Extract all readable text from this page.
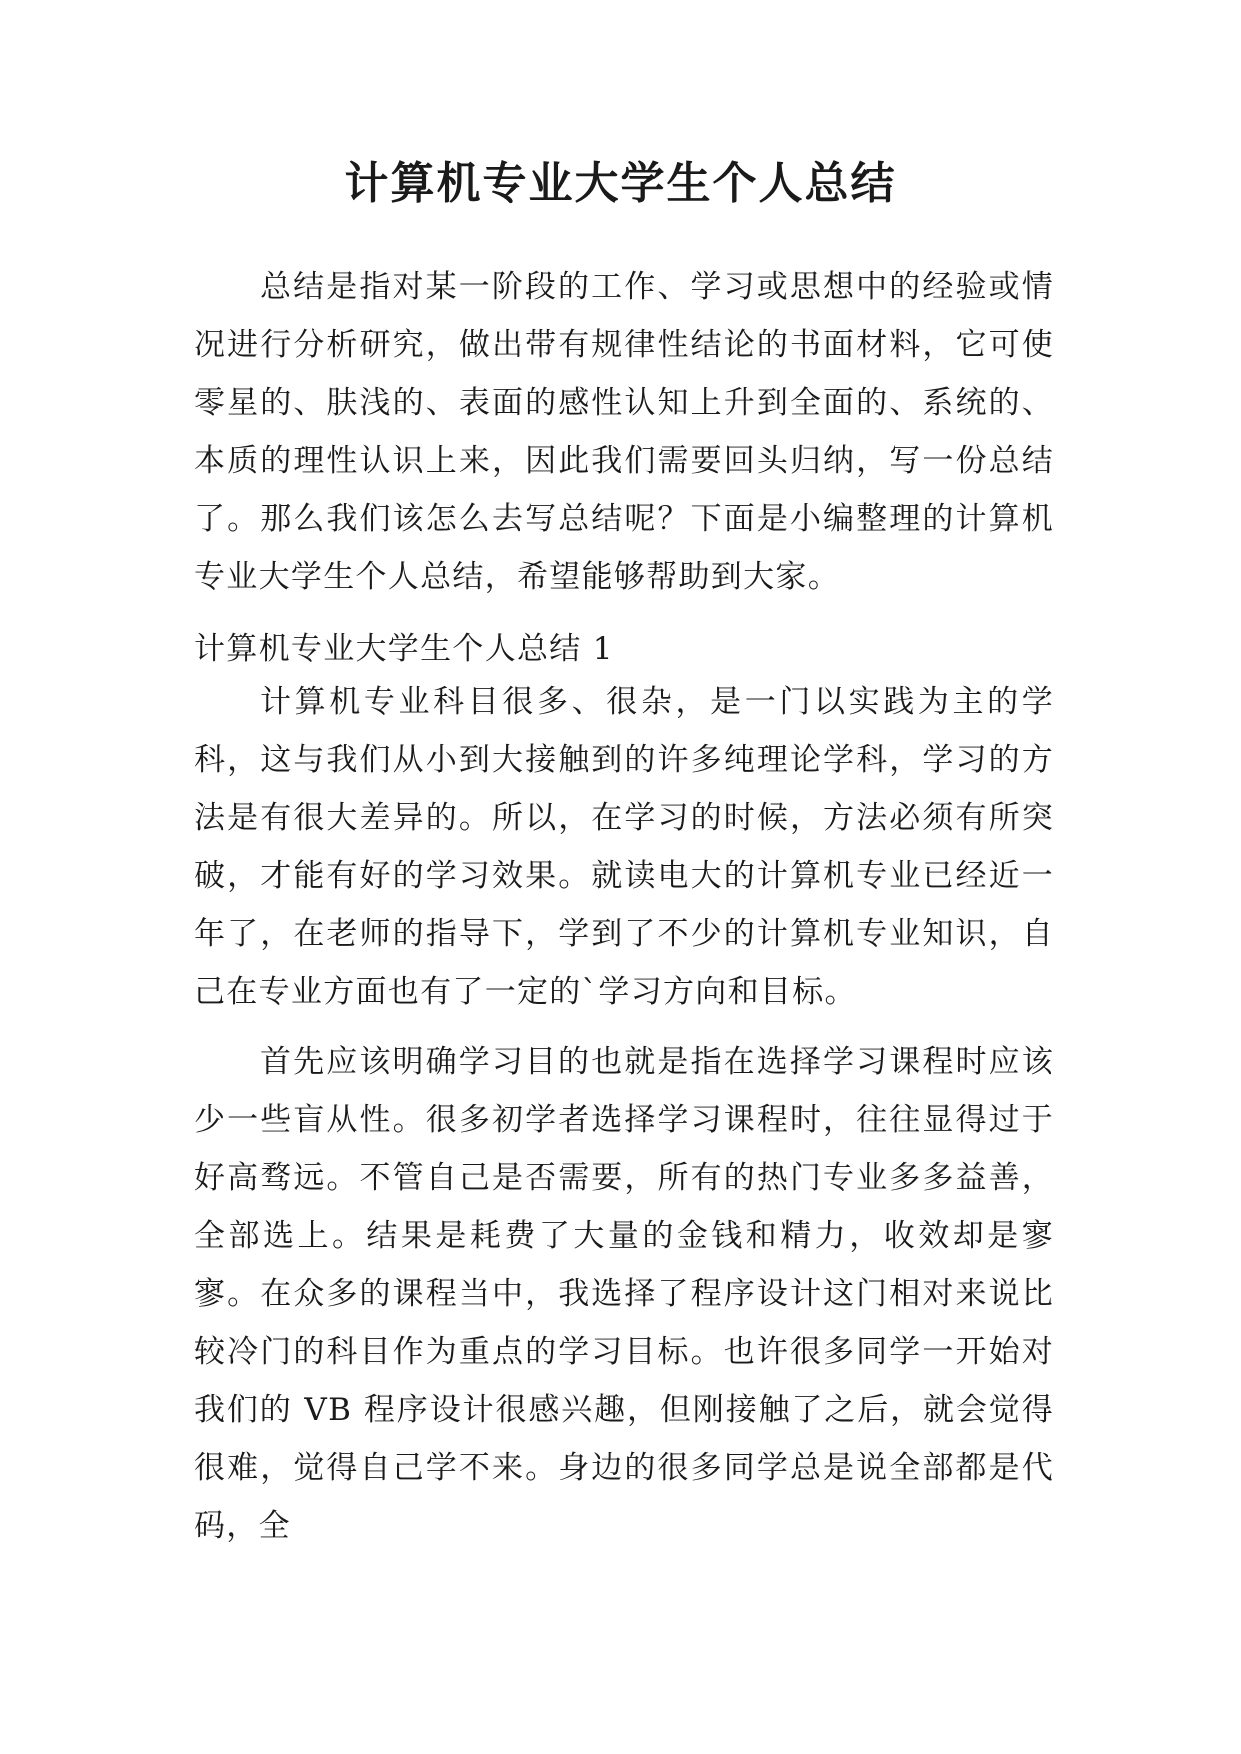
计算机专业大学生个人总结

总结是指对某一阶段的工作、学习或思想中的经验或情况进行分析研究，做出带有规律性结论的书面材料，它可使零星的、肤浅的、表面的感性认知上升到全面的、系统的、本质的理性认识上来，因此我们需要回头归纳，写一份总结了。那么我们该怎么去写总结呢？下面是小编整理的计算机专业大学生个人总结，希望能够帮助到大家。

计算机专业大学生个人总结 1

计算机专业科目很多、很杂，是一门以实践为主的学科，这与我们从小到大接触到的许多纯理论学科，学习的方法是有很大差异的。所以，在学习的时候，方法必须有所突破，才能有好的学习效果。就读电大的计算机专业已经近一年了，在老师的指导下，学到了不少的计算机专业知识，自己在专业方面也有了一定的`学习方向和目标。

首先应该明确学习目的也就是指在选择学习课程时应该少一些盲从性。很多初学者选择学习课程时，往往显得过于好高骛远。不管自己是否需要，所有的热门专业多多益善，全部选上。结果是耗费了大量的金钱和精力，收效却是寥寥。在众多的课程当中，我选择了程序设计这门相对来说比较冷门的科目作为重点的学习目标。也许很多同学一开始对我们的 VB 程序设计很感兴趣，但刚接触了之后，就会觉得很难，觉得自己学不来。身边的很多同学总是说全部都是代码，全
